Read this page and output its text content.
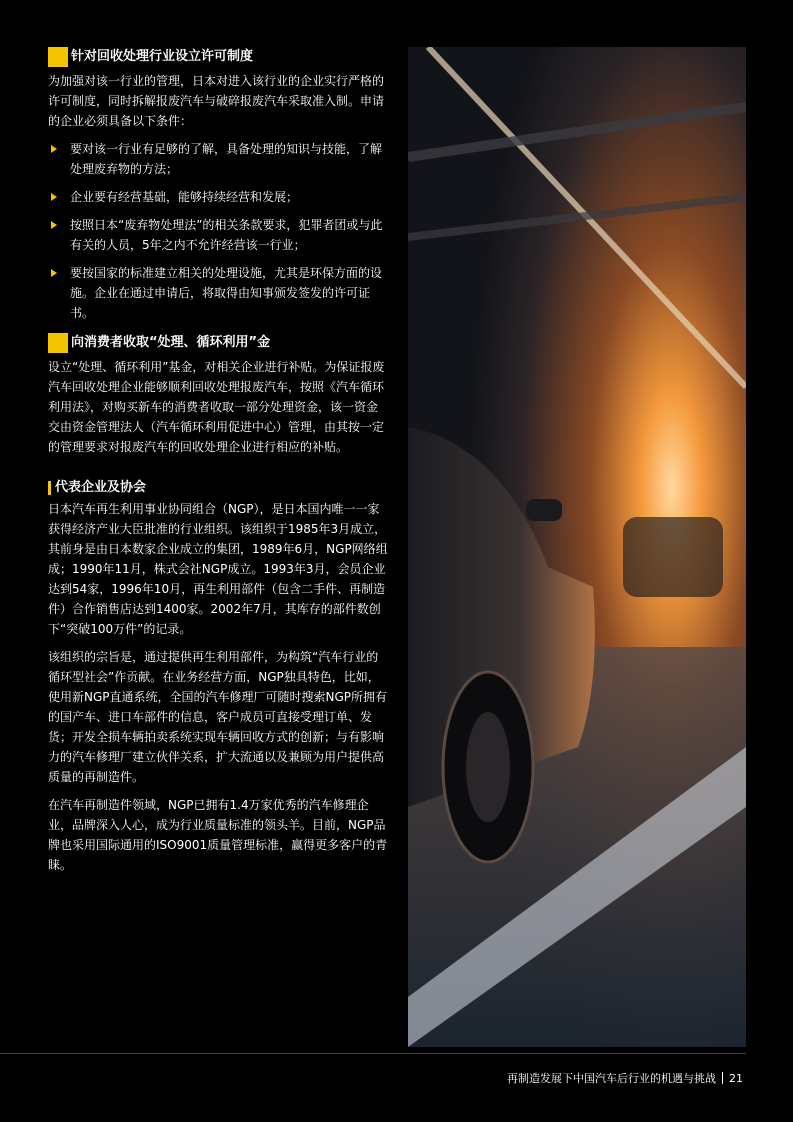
针对回收处理行业设立许可制度

为加强对该一行业的管理，日本对进入该行业的企业实行严格的许可制度，同时拆解报废汽车与破碎报废汽车采取准入制。申请的企业必须具备以下条件：

要对该一行业有足够的了解，具备处理的知识与技能，了解处理废弃物的方法；
企业要有经营基础，能够持续经营和发展；
按照日本“废弃物处理法”的相关条款要求，犯罪者团或与此有关的人员，5年之内不允许经营该一行业；
要按国家的标准建立相关的处理设施，尤其是环保方面的设施。企业在通过申请后，将取得由知事颁发签发的许可证书。
向消费者收取“处理、循环利用”金

设立“处理、循环利用”基金，对相关企业进行补贴。为保证报废汽车回收处理企业能够顺利回收处理报废汽车，按照《汽车循环利用法》，对购买新车的消费者收取一部分处理资金，该一资金交由资金管理法人（汽车循环利用促进中心）管理，由其按一定的管理要求对报废汽车的回收处理企业进行相应的补贴。

代表企业及协会

日本汽车再生利用事业协同组合（NGP），是日本国内唯一一家获得经济产业大臣批准的行业组织。该组织于1985年3月成立，其前身是由日本数家企业成立的集团，1989年6月，NGP网络组成；1990年11月，株式会社NGP成立。1993年3月，会员企业达到54家，1996年10月，再生利用部件（包含二手件、再制造件）合作销售店达到1400家。2002年7月，其库存的部件数创下“突破100万件”的记录。

该组织的宗旨是，通过提供再生利用部件，为构筑“汽车行业的循环型社会”作贡献。在业务经营方面，NGP独具特色，比如，使用新NGP直通系统，全国的汽车修理厂可随时搜索NGP所拥有的国产车、进口车部件的信息，客户成员可直接受理订单、发货；开发全损车辆拍卖系统实现车辆回收方式的创新；与有影响力的汽车修理厂建立伙伴关系，扩大流通以及兼顾为用户提供高质量的再制造件。

在汽车再制造件领域，NGP已拥有1.4万家优秀的汽车修理企业，品牌深入人心，成为行业质量标准的领头羊。目前，NGP品牌也采用国际通用的ISO9001质量管理标准，赢得更多客户的青睐。

再制造发展下中国汽车后行业的机遇与挑战 21
